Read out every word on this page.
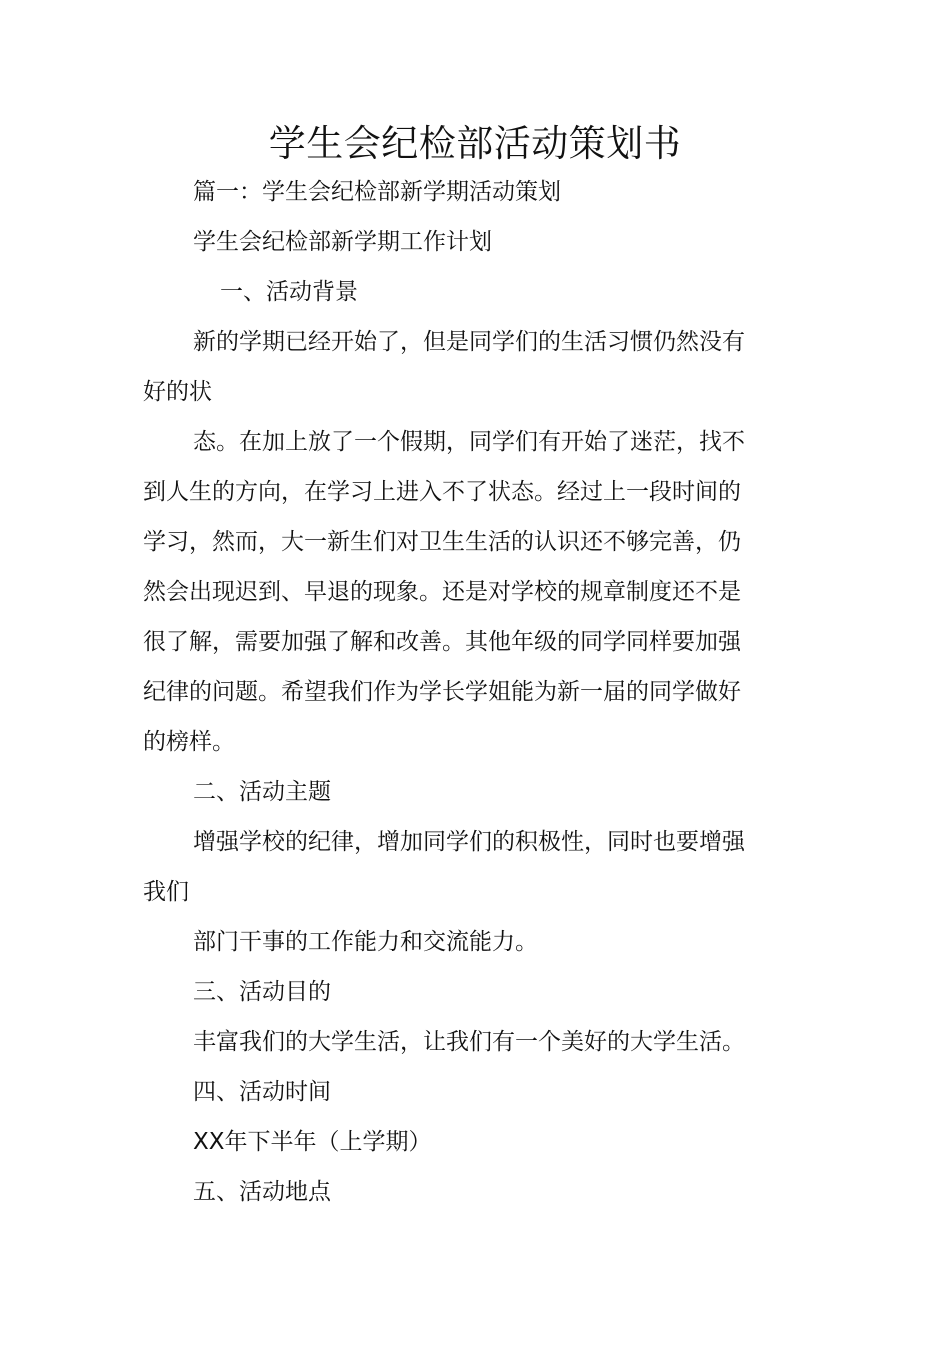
学生会纪检部活动策划书

篇一：学生会纪检部新学期活动策划

学生会纪检部新学期工作计划

一、活动背景

新的学期已经开始了，但是同学们的生活习惯仍然没有

好的状

态。在加上放了一个假期，同学们有开始了迷茫，找不

到人生的方向，在学习上进入不了状态。经过上一段时间的

学习，然而，大一新生们对卫生生活的认识还不够完善，仍

然会出现迟到、早退的现象。还是对学校的规章制度还不是

很了解，需要加强了解和改善。其他年级的同学同样要加强

纪律的问题。希望我们作为学长学姐能为新一届的同学做好

的榜样。

二、活动主题

增强学校的纪律，增加同学们的积极性，同时也要增强

我们

部门干事的工作能力和交流能力。

三、活动目的

丰富我们的大学生活，让我们有一个美好的大学生活。

四、活动时间

XX年下半年（上学期）

五、活动地点
